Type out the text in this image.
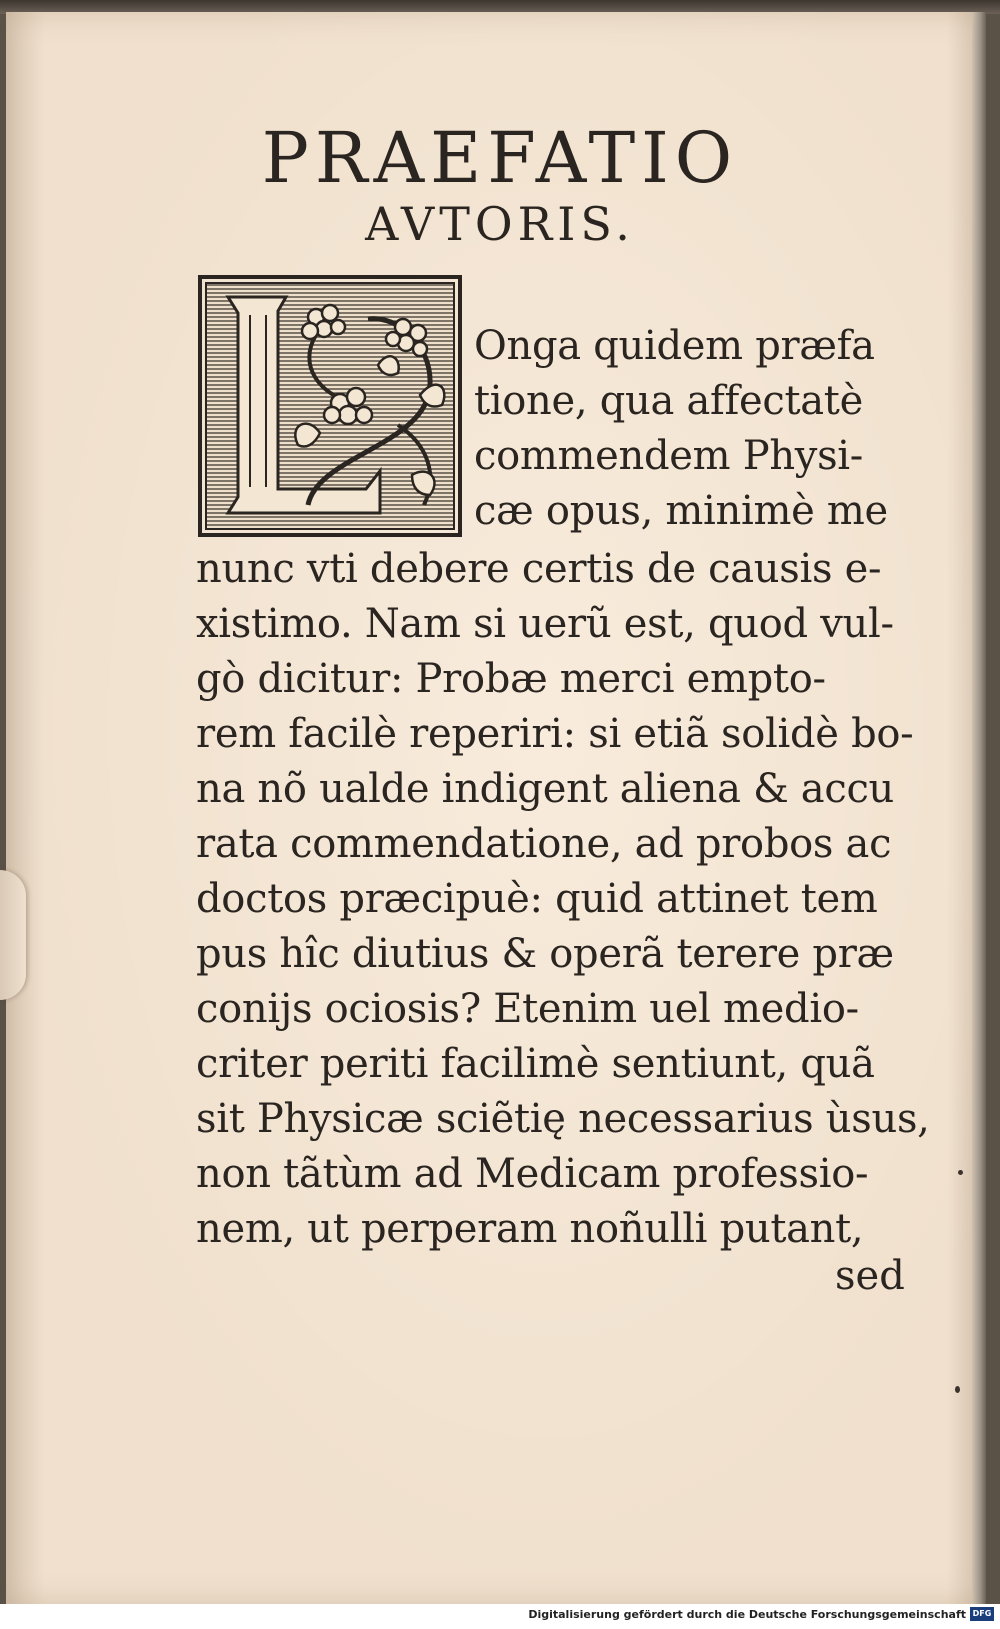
PRAEFATIO
AVTORIS.
Onga quidem præfa
tione, qua affectatè
commendem Physi-
cæ opus, minimè me
nunc vti debere certis de causis e-
xistimo. Nam si uerũ est, quod vul-
gò dicitur: Probæ merci empto-
rem facilè reperiri: si etiã solidè bo-
na nõ ualde indigent aliena & accu
rata commendatione, ad probos ac
doctos præcipuè: quid attinet tem
pus hîc diutius & operã terere præ
conijs ociosis? Etenim uel medio-
criter periti facilimè sentiunt, quã
sit Physicæ sciẽtię necessarius ùsus,
non tãtùm ad Medicam professio-
nem, ut perperam noñulli putant,
sed
Digitalisierung gefördert durch die Deutsche Forschungsgemeinschaft DFG
